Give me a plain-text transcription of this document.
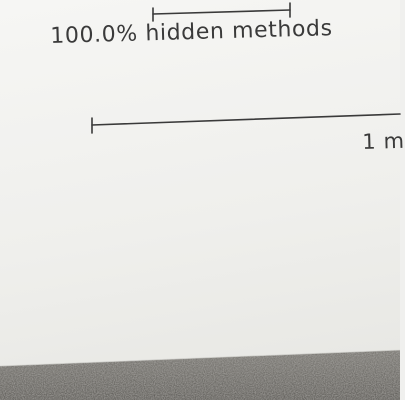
100.0% hidden methods
1 m
